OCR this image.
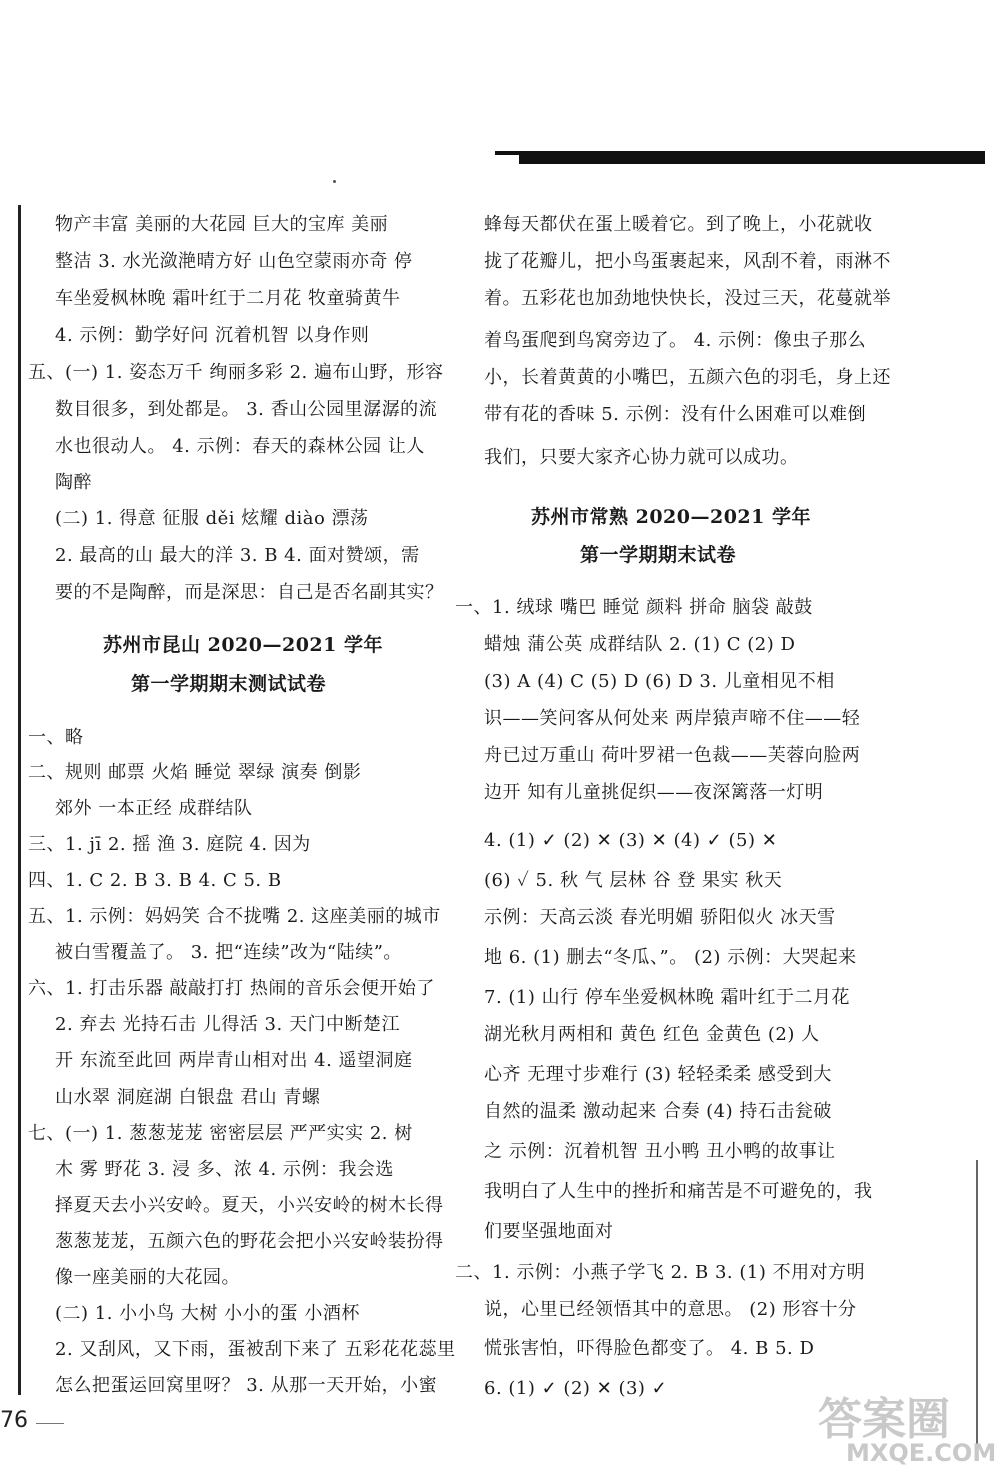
物产丰富 美丽的大花园 巨大的宝库 美丽
整洁 3. 水光潋滟晴方好 山色空蒙雨亦奇 停
车坐爱枫林晚 霜叶红于二月花 牧童骑黄牛
4. 示例：勤学好问 沉着机智 以身作则
五、(一) 1. 姿态万千 绚丽多彩 2. 遍布山野，形容
数目很多，到处都是。 3. 香山公园里潺潺的流
水也很动人。 4. 示例：春天的森林公园 让人
陶醉
(二) 1. 得意 征服 děi 炫耀 diào 漂荡
2. 最高的山 最大的洋 3. B 4. 面对赞颂，需
要的不是陶醉，而是深思：自己是否名副其实？
苏州市昆山 2020—2021 学年
第一学期期末测试试卷
一、略
二、规则 邮票 火焰 睡觉 翠绿 演奏 倒影
郊外 一本正经 成群结队
三、1. jī 2. 摇 渔 3. 庭院 4. 因为
四、1. C 2. B 3. B 4. C 5. B
五、1. 示例：妈妈笑 合不拢嘴 2. 这座美丽的城市
被白雪覆盖了。 3. 把“连续”改为“陆续”。
六、1. 打击乐器 敲敲打打 热闹的音乐会便开始了
2. 弃去 光持石击 儿得活 3. 天门中断楚江
开 东流至此回 两岸青山相对出 4. 遥望洞庭
山水翠 洞庭湖 白银盘 君山 青螺
七、(一) 1. 葱葱茏茏 密密层层 严严实实 2. 树
木 雾 野花 3. 浸 多、浓 4. 示例：我会选
择夏天去小兴安岭。夏天，小兴安岭的树木长得
葱葱茏茏，五颜六色的野花会把小兴安岭装扮得
像一座美丽的大花园。
(二) 1. 小小鸟 大树 小小的蛋 小酒杯
2. 又刮风，又下雨，蛋被刮下来了 五彩花花蕊里
怎么把蛋运回窝里呀？ 3. 从那一天开始，小蜜
蜂每天都伏在蛋上暖着它。到了晚上，小花就收
拢了花瓣儿，把小鸟蛋裹起来，风刮不着，雨淋不
着。五彩花也加劲地快快长，没过三天，花蔓就举
着鸟蛋爬到鸟窝旁边了。 4. 示例：像虫子那么
小，长着黄黄的小嘴巴，五颜六色的羽毛，身上还
带有花的香味 5. 示例：没有什么困难可以难倒
我们，只要大家齐心协力就可以成功。
苏州市常熟 2020—2021 学年
第一学期期末试卷
一、1. 绒球 嘴巴 睡觉 颜料 拼命 脑袋 敲鼓
蜡烛 蒲公英 成群结队 2. (1) C (2) D
(3) A (4) C (5) D (6) D 3. 儿童相见不相
识——笑问客从何处来 两岸猿声啼不住——轻
舟已过万重山 荷叶罗裙一色裁——芙蓉向脸两
边开 知有儿童挑促织——夜深篱落一灯明
4. (1) ✓ (2) ✕ (3) ✕ (4) ✓ (5) ✕
(6) ✓ 5. 秋 气 层林 谷 登 果实 秋天
示例：天高云淡 春光明媚 骄阳似火 冰天雪
地 6. (1) 删去“冬瓜、”。 (2) 示例：大哭起来
7. (1) 山行 停车坐爱枫林晚 霜叶红于二月花
湖光秋月两相和 黄色 红色 金黄色 (2) 人
心齐 无理寸步难行 (3) 轻轻柔柔 感受到大
自然的温柔 激动起来 合奏 (4) 持石击瓮破
之 示例：沉着机智 丑小鸭 丑小鸭的故事让
我明白了人生中的挫折和痛苦是不可避免的，我
们要坚强地面对
二、1. 示例：小燕子学飞 2. B 3. (1) 不用对方明
说，心里已经领悟其中的意思。 (2) 形容十分
慌张害怕，吓得脸色都变了。 4. B 5. D
6. (1) ✓ (2) ✕ (3) ✓
76	答案圈
MXQE.COM
